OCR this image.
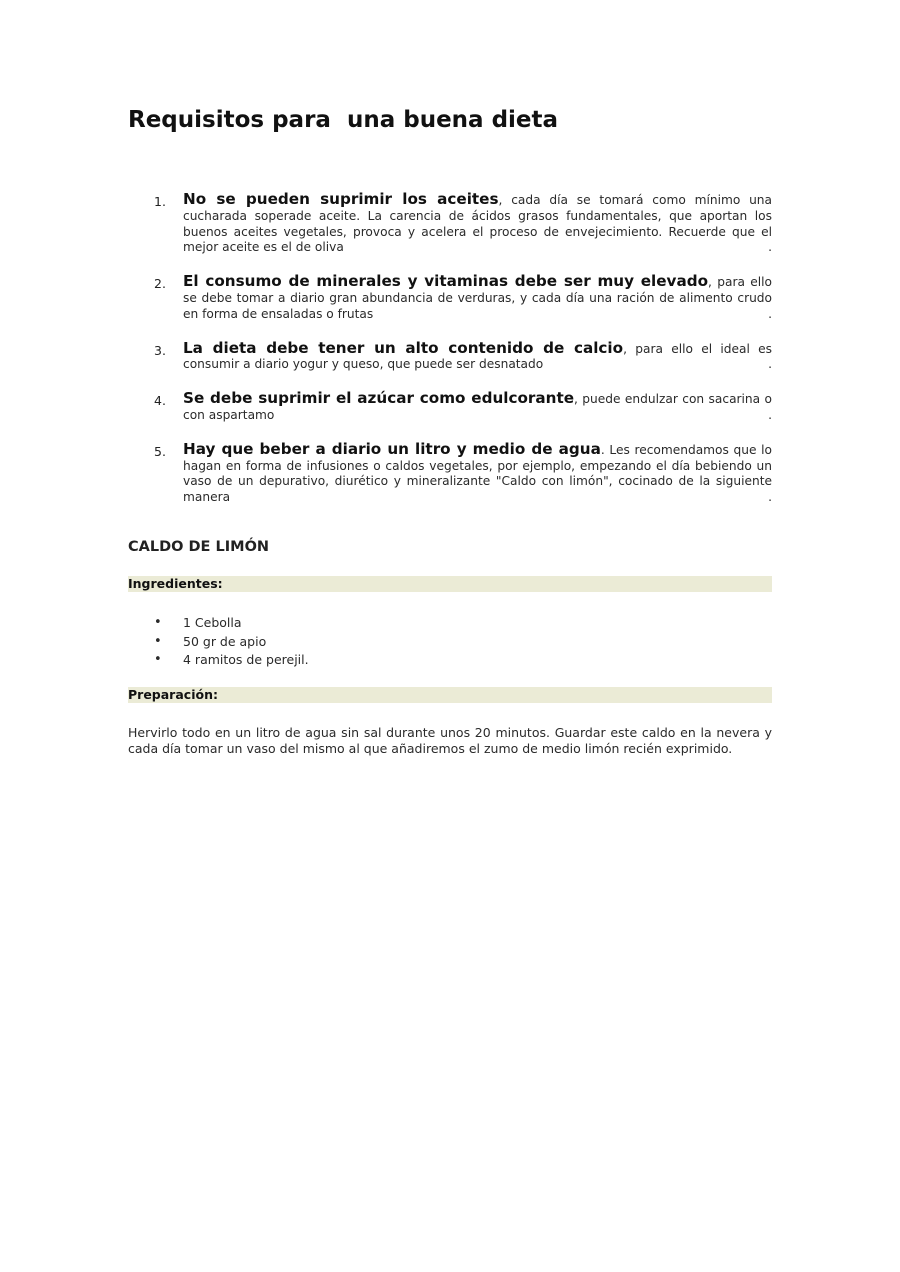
Requisitos para  una buena dieta
1. No se pueden suprimir los aceites, cada día se tomará como mínimo una cucharada soperade aceite. La carencia de ácidos grasos fundamentales, que aportan los buenos aceites vegetales, provoca y acelera el proceso de envejecimiento. Recuerde que el mejor aceite es el de oliva	.
2. El consumo de minerales y vitaminas debe ser muy elevado, para ello se debe tomar a diario gran abundancia de verduras, y cada día una ración de alimento crudo en forma de ensaladas o frutas	.
3. La dieta debe tener un alto contenido de calcio, para ello el ideal es consumir a diario yogur y queso, que puede ser desnatado	.
4. Se debe suprimir el azúcar como edulcorante, puede endulzar con sacarina o con aspartamo	.
5. Hay que beber a diario un litro y medio de agua. Les recomendamos que lo hagan en forma de infusiones o caldos vegetales, por ejemplo, empezando el día bebiendo un vaso de un depurativo, diurético y mineralizante "Caldo con limón", cocinado de la siguiente manera	.
CALDO DE LIMÓN
Ingredientes:
• 1 Cebolla
• 50 gr de apio
• 4 ramitos de perejil.
Preparación:

Hervirlo todo en un litro de agua sin sal durante unos 20 minutos. Guardar este caldo en la nevera y cada día tomar un vaso del mismo al que añadiremos el zumo de medio limón recién exprimido.
